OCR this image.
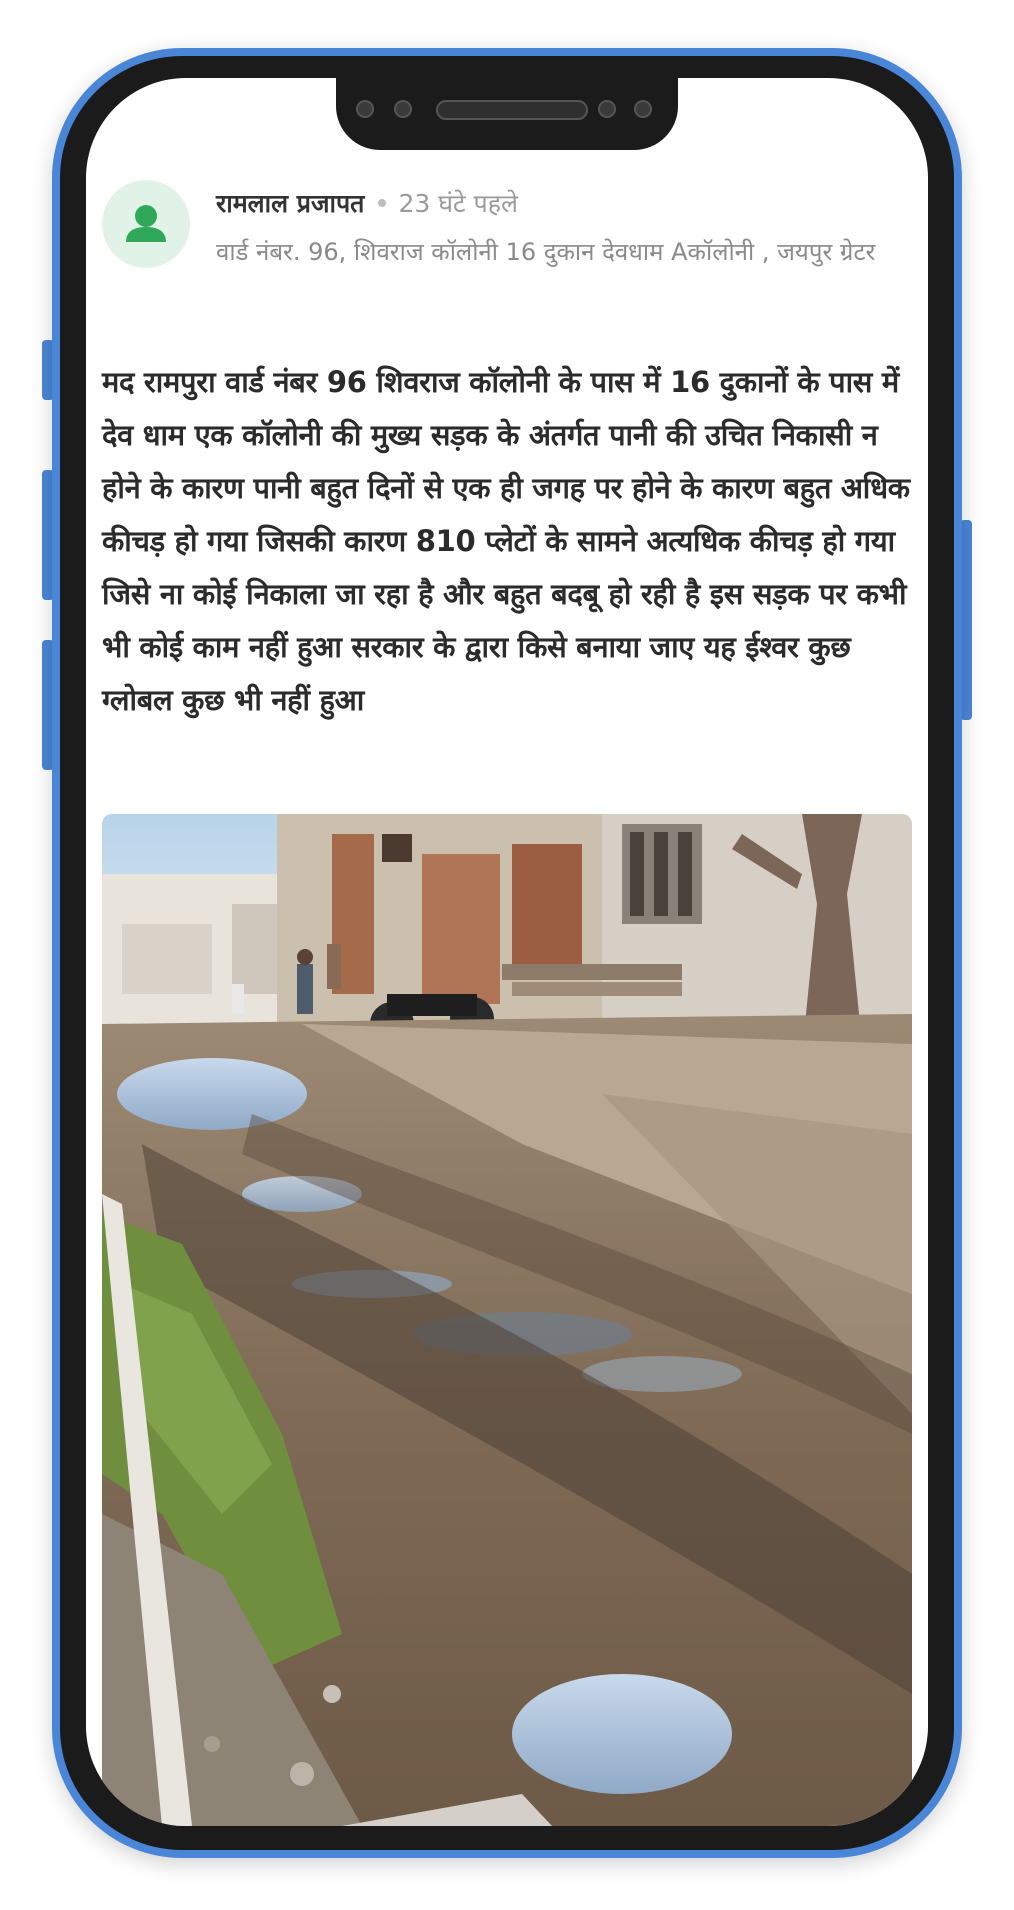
रामलाल प्रजापत 23 घंटे पहले
वार्ड नंबर. 96, शिवराज कॉलोनी 16 दुकान देवधाम Aकॉलोनी , जयपुर ग्रेटर
मद रामपुरा वार्ड नंबर 96 शिवराज कॉलोनी के पास में 16 दुकानों के पास में देव धाम एक कॉलोनी की मुख्य सड़क के अंतर्गत पानी की उचित निकासी न होने के कारण पानी बहुत दिनों से एक ही जगह पर होने के कारण बहुत अधिक कीचड़ हो गया जिसकी कारण 810 प्लेटों के सामने अत्यधिक कीचड़ हो गया जिसे ना कोई निकाला जा रहा है और बहुत बदबू हो रही है इस सड़क पर कभी भी कोई काम नहीं हुआ सरकार के द्वारा किसे बनाया जाए यह ईश्वर कुछ ग्लोबल कुछ भी नहीं हुआ
